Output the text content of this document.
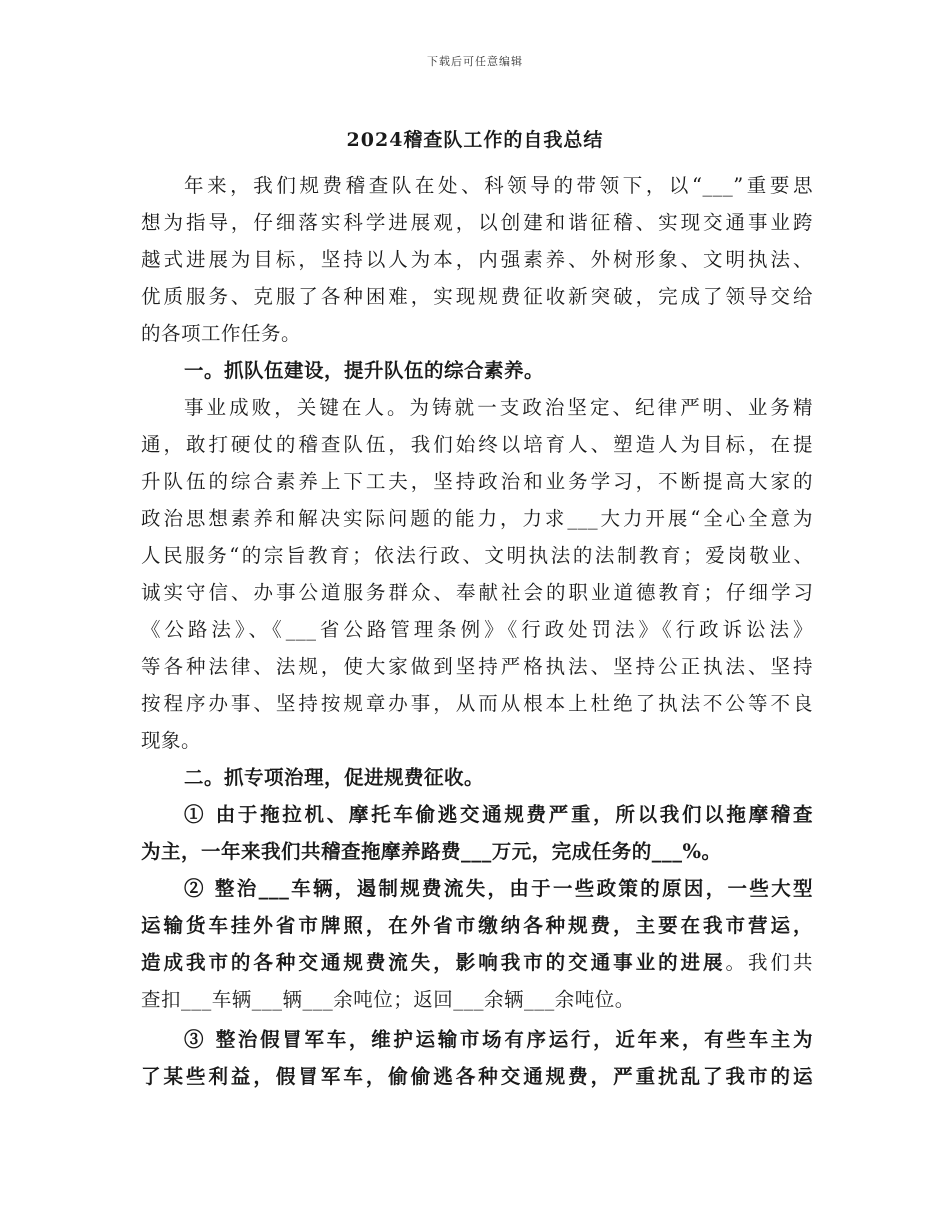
下载后可任意编辑
2024稽查队工作的自我总结
年来，我们规费稽查队在处、科领导的带领下，以“___”重要思
想为指导，仔细落实科学进展观，以创建和谐征稽、实现交通事业跨
越式进展为目标，坚持以人为本，内强素养、外树形象、文明执法、
优质服务、克服了各种困难，实现规费征收新突破，完成了领导交给
的各项工作任务。
一。抓队伍建设，提升队伍的综合素养。
事业成败，关键在人。为铸就一支政治坚定、纪律严明、业务精
通，敢打硬仗的稽查队伍，我们始终以培育人、塑造人为目标，在提
升队伍的综合素养上下工夫，坚持政治和业务学习，不断提高大家的
政治思想素养和解决实际问题的能力，力求___大力开展“全心全意为
人民服务“的宗旨教育；依法行政、文明执法的法制教育；爱岗敬业、
诚实守信、办事公道服务群众、奉献社会的职业道德教育；仔细学习
《公路法》、《___省公路管理条例》《行政处罚法》《行政诉讼法》
等各种法律、法规，使大家做到坚持严格执法、坚持公正执法、坚持
按程序办事、坚持按规章办事，从而从根本上杜绝了执法不公等不良
现象。
二。抓专项治理，促进规费征收。
① 由于拖拉机、摩托车偷逃交通规费严重，所以我们以拖摩稽查
为主，一年来我们共稽查拖摩养路费___万元，完成任务的___%。
② 整治___车辆，遏制规费流失，由于一些政策的原因，一些大型
运输货车挂外省市牌照，在外省市缴纳各种规费，主要在我市营运，
造成我市的各种交通规费流失，影响我市的交通事业的进展。我们共
查扣___车辆___辆___余吨位；返回___余辆___余吨位。
③ 整治假冒军车，维护运输市场有序运行，近年来，有些车主为
了某些利益，假冒军车，偷偷逃各种交通规费，严重扰乱了我市的运
